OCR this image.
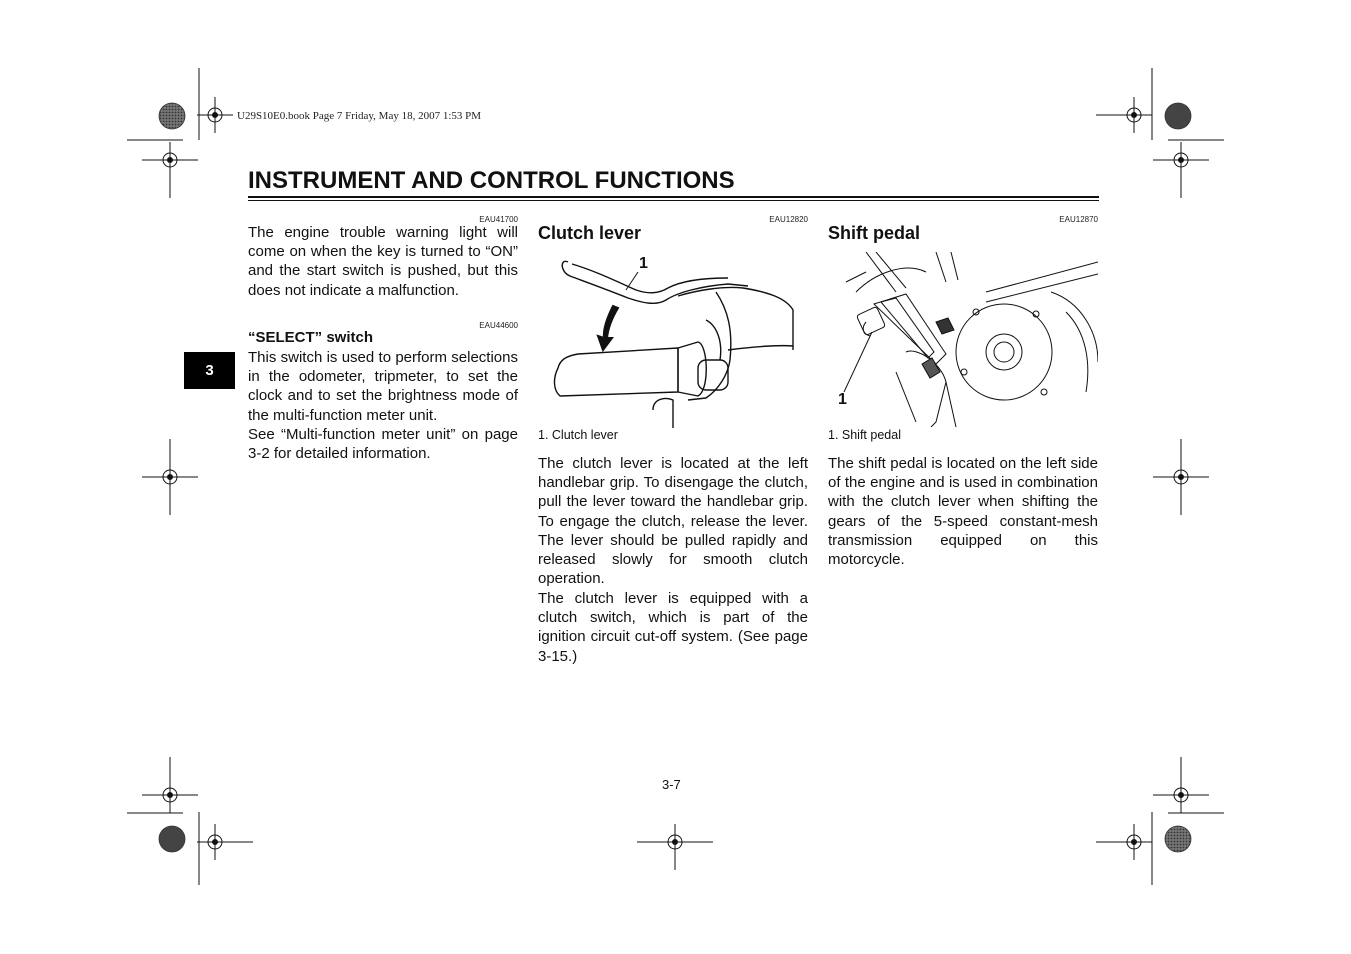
U29S10E0.book Page 7 Friday, May 18, 2007 1:53 PM
INSTRUMENT AND CONTROL FUNCTIONS
3
EAU41700
The engine trouble warning light will come on when the key is turned to “ON” and the start switch is pushed, but this does not indicate a malfunction.
EAU44600
“SELECT” switch
This switch is used to perform selections in the odometer, tripmeter, to set the clock and to set the brightness mode of the multi-function meter unit.
See “Multi-function meter unit” on page 3-2 for detailed information.
EAU12820
Clutch lever
1
1. Clutch lever
The clutch lever is located at the left handlebar grip. To disengage the clutch, pull the lever toward the handlebar grip. To engage the clutch, release the lever. The lever should be pulled rapidly and released slowly for smooth clutch operation.
The clutch lever is equipped with a clutch switch, which is part of the ignition circuit cut-off system. (See page 3-15.)
EAU12870
Shift pedal
1
1. Shift pedal
The shift pedal is located on the left side of the engine and is used in combination with the clutch lever when shifting the gears of the 5-speed constant-mesh transmission equipped on this motorcycle.
3-7
